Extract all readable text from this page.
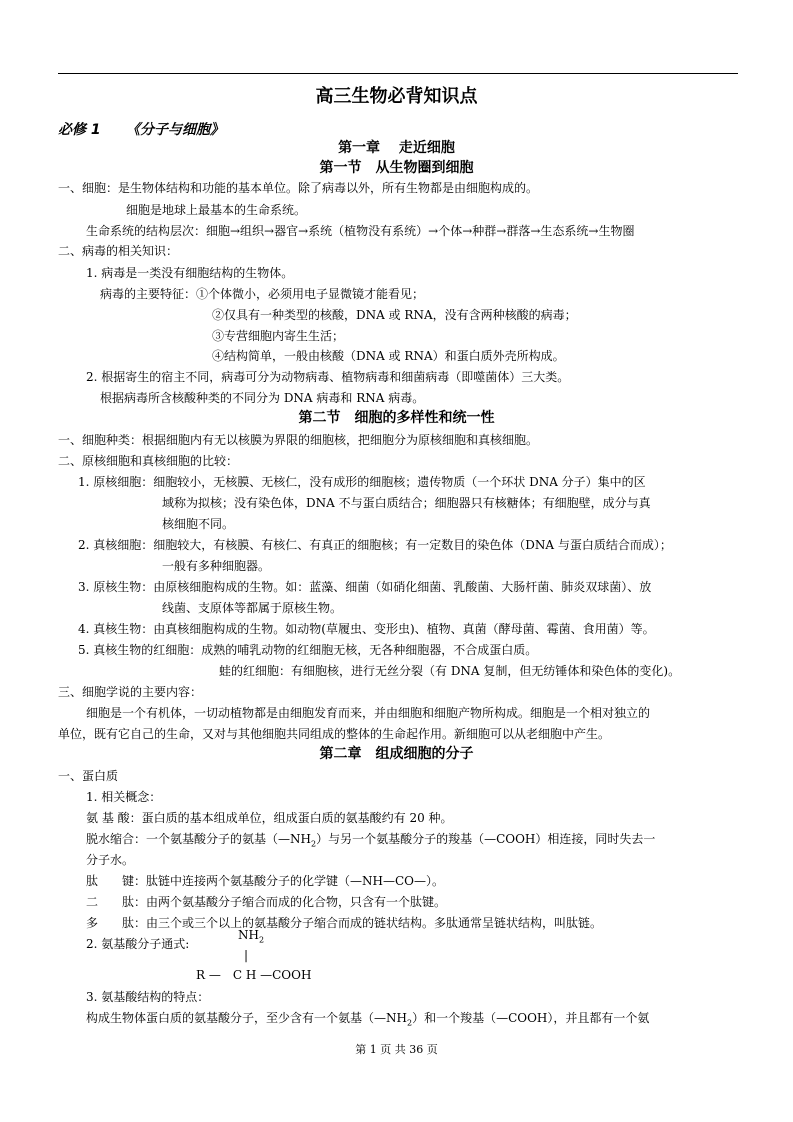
高三生物必背知识点
必修 1 《分子与细胞》
第一章　 走近细胞
第一节　从生物圈到细胞
一、细胞：是生物体结构和功能的基本单位。除了病毒以外，所有生物都是由细胞构成的。
细胞是地球上最基本的生命系统。
生命系统的结构层次：细胞→组织→器官→系统（植物没有系统）→个体→种群→群落→生态系统→生物圈
二、病毒的相关知识：
1. 病毒是一类没有细胞结构的生物体。
病毒的主要特征：①个体微小，必须用电子显微镜才能看见；
②仅具有一种类型的核酸，DNA 或 RNA，没有含两种核酸的病毒；
③专营细胞内寄生生活；
④结构简单，一般由核酸（DNA 或 RNA）和蛋白质外壳所构成。
2. 根据寄生的宿主不同，病毒可分为动物病毒、植物病毒和细菌病毒（即噬菌体）三大类。
根据病毒所含核酸种类的不同分为 DNA 病毒和 RNA 病毒。
第二节　细胞的多样性和统一性
一、细胞种类：根据细胞内有无以核膜为界限的细胞核，把细胞分为原核细胞和真核细胞。
二、原核细胞和真核细胞的比较：
1. 原核细胞：细胞较小，无核膜、无核仁，没有成形的细胞核；遗传物质（一个环状 DNA 分子）集中的区
域称为拟核；没有染色体，DNA 不与蛋白质结合；细胞器只有核糖体；有细胞壁，成分与真
核细胞不同。
2. 真核细胞：细胞较大，有核膜、有核仁、有真正的细胞核；有一定数目的染色体（DNA 与蛋白质结合而成）；
一般有多种细胞器。
3. 原核生物：由原核细胞构成的生物。如：蓝藻、细菌（如硝化细菌、乳酸菌、大肠杆菌、肺炎双球菌）、放
线菌、支原体等都属于原核生物。
4. 真核生物：由真核细胞构成的生物。如动物(草履虫、变形虫)、植物、真菌（酵母菌、霉菌、食用菌）等。
5. 真核生物的红细胞：成熟的哺乳动物的红细胞无核，无各种细胞器，不合成蛋白质。
蛙的红细胞：有细胞核，进行无丝分裂（有 DNA 复制，但无纺锤体和染色体的变化)。
三、细胞学说的主要内容：
细胞是一个有机体，一切动植物都是由细胞发育而来，并由细胞和细胞产物所构成。细胞是一个相对独立的
单位，既有它自己的生命，又对与其他细胞共同组成的整体的生命起作用。新细胞可以从老细胞中产生。
第二章　组成细胞的分子
一、蛋白质
1. 相关概念：
氨 基 酸：蛋白质的基本组成单位，组成蛋白质的氨基酸约有 20 种。
脱水缩合：一个氨基酸分子的氨基$(—NH_2)$与另一个氨基酸分子的羧基（—COOH）相连接，同时失去一
分子水。
肽　　键：肽链中连接两个氨基酸分子的化学键（—NH—CO—）。
二　　肽：由两个氨基酸分子缩合而成的化合物，只含有一个肽键。
多　　肽：由三个或三个以上的氨基酸分子缩合而成的链状结构。多肽通常呈链状结构，叫肽链。
2. 氨基酸分子通式:
$NH_2$
|
R —　C H —COOH
3. 氨基酸结构的特点：
构成生物体蛋白质的氨基酸分子，至少含有一个氨基$(—NH_2)$和一个羧基（—COOH），并且都有一个氨
第 1 页 共 36 页
